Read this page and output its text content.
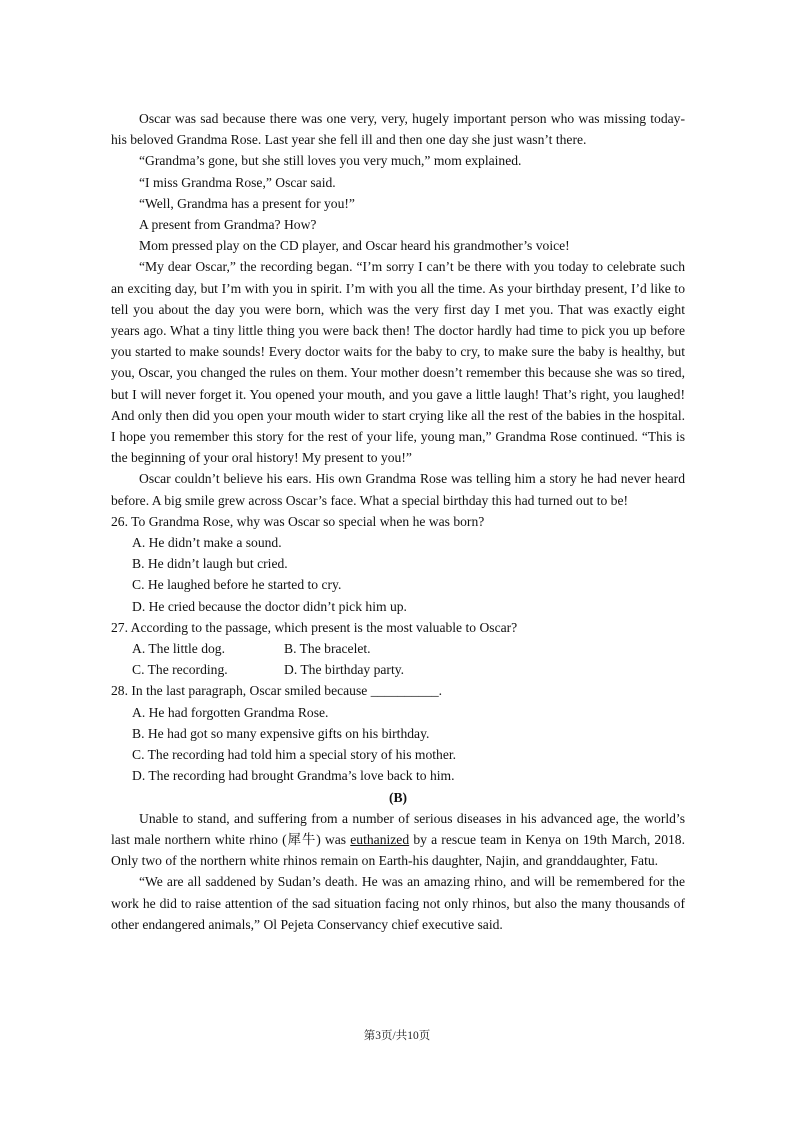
Oscar was sad because there was one very, very, hugely important person who was missing today-his beloved Grandma Rose. Last year she fell ill and then one day she just wasn’t there.

“Grandma’s gone, but she still loves you very much,” mom explained.

“I miss Grandma Rose,” Oscar said.

“Well, Grandma has a present for you!”

A present from Grandma? How?

Mom pressed play on the CD player, and Oscar heard his grandmother’s voice!

“My dear Oscar,” the recording began. “I’m sorry I can’t be there with you today to celebrate such an exciting day, but I’m with you in spirit. I’m with you all the time. As your birthday present, I’d like to tell you about the day you were born, which was the very first day I met you. That was exactly eight years ago. What a tiny little thing you were back then! The doctor hardly had time to pick you up before you started to make sounds! Every doctor waits for the baby to cry, to make sure the baby is healthy, but you, Oscar, you changed the rules on them. Your mother doesn’t remember this because she was so tired, but I will never forget it. You opened your mouth, and you gave a little laugh! That’s right, you laughed! And only then did you open your mouth wider to start crying like all the rest of the babies in the hospital. I hope you remember this story for the rest of your life, young man,” Grandma Rose continued. “This is the beginning of your oral history! My present to you!”

Oscar couldn’t believe his ears. His own Grandma Rose was telling him a story he had never heard before. A big smile grew across Oscar’s face. What a special birthday this had turned out to be!

26. To Grandma Rose, why was Oscar so special when he was born?

A. He didn’t make a sound.

B. He didn’t laugh but cried.

C. He laughed before he started to cry.

D. He cried because the doctor didn’t pick him up.

27. According to the passage, which present is the most valuable to Oscar?

A. The little dog.	B. The bracelet.

C. The recording.	D. The birthday party.

28. In the last paragraph, Oscar smiled because __________.

A. He had forgotten Grandma Rose.

B. He had got so many expensive gifts on his birthday.

C. The recording had told him a special story of his mother.

D. The recording had brought Grandma’s love back to him.

(B)

Unable to stand, and suffering from a number of serious diseases in his advanced age, the world’s last male northern white rhino (犀牛) was euthanized by a rescue team in Kenya on 19th March, 2018. Only two of the northern white rhinos remain on Earth-his daughter, Najin, and granddaughter, Fatu.

“We are all saddened by Sudan’s death. He was an amazing rhino, and will be remembered for the work he did to raise attention of the sad situation facing not only rhinos, but also the many thousands of other endangered animals,” Ol Pejeta Conservancy chief executive said.

第3页/共10页
